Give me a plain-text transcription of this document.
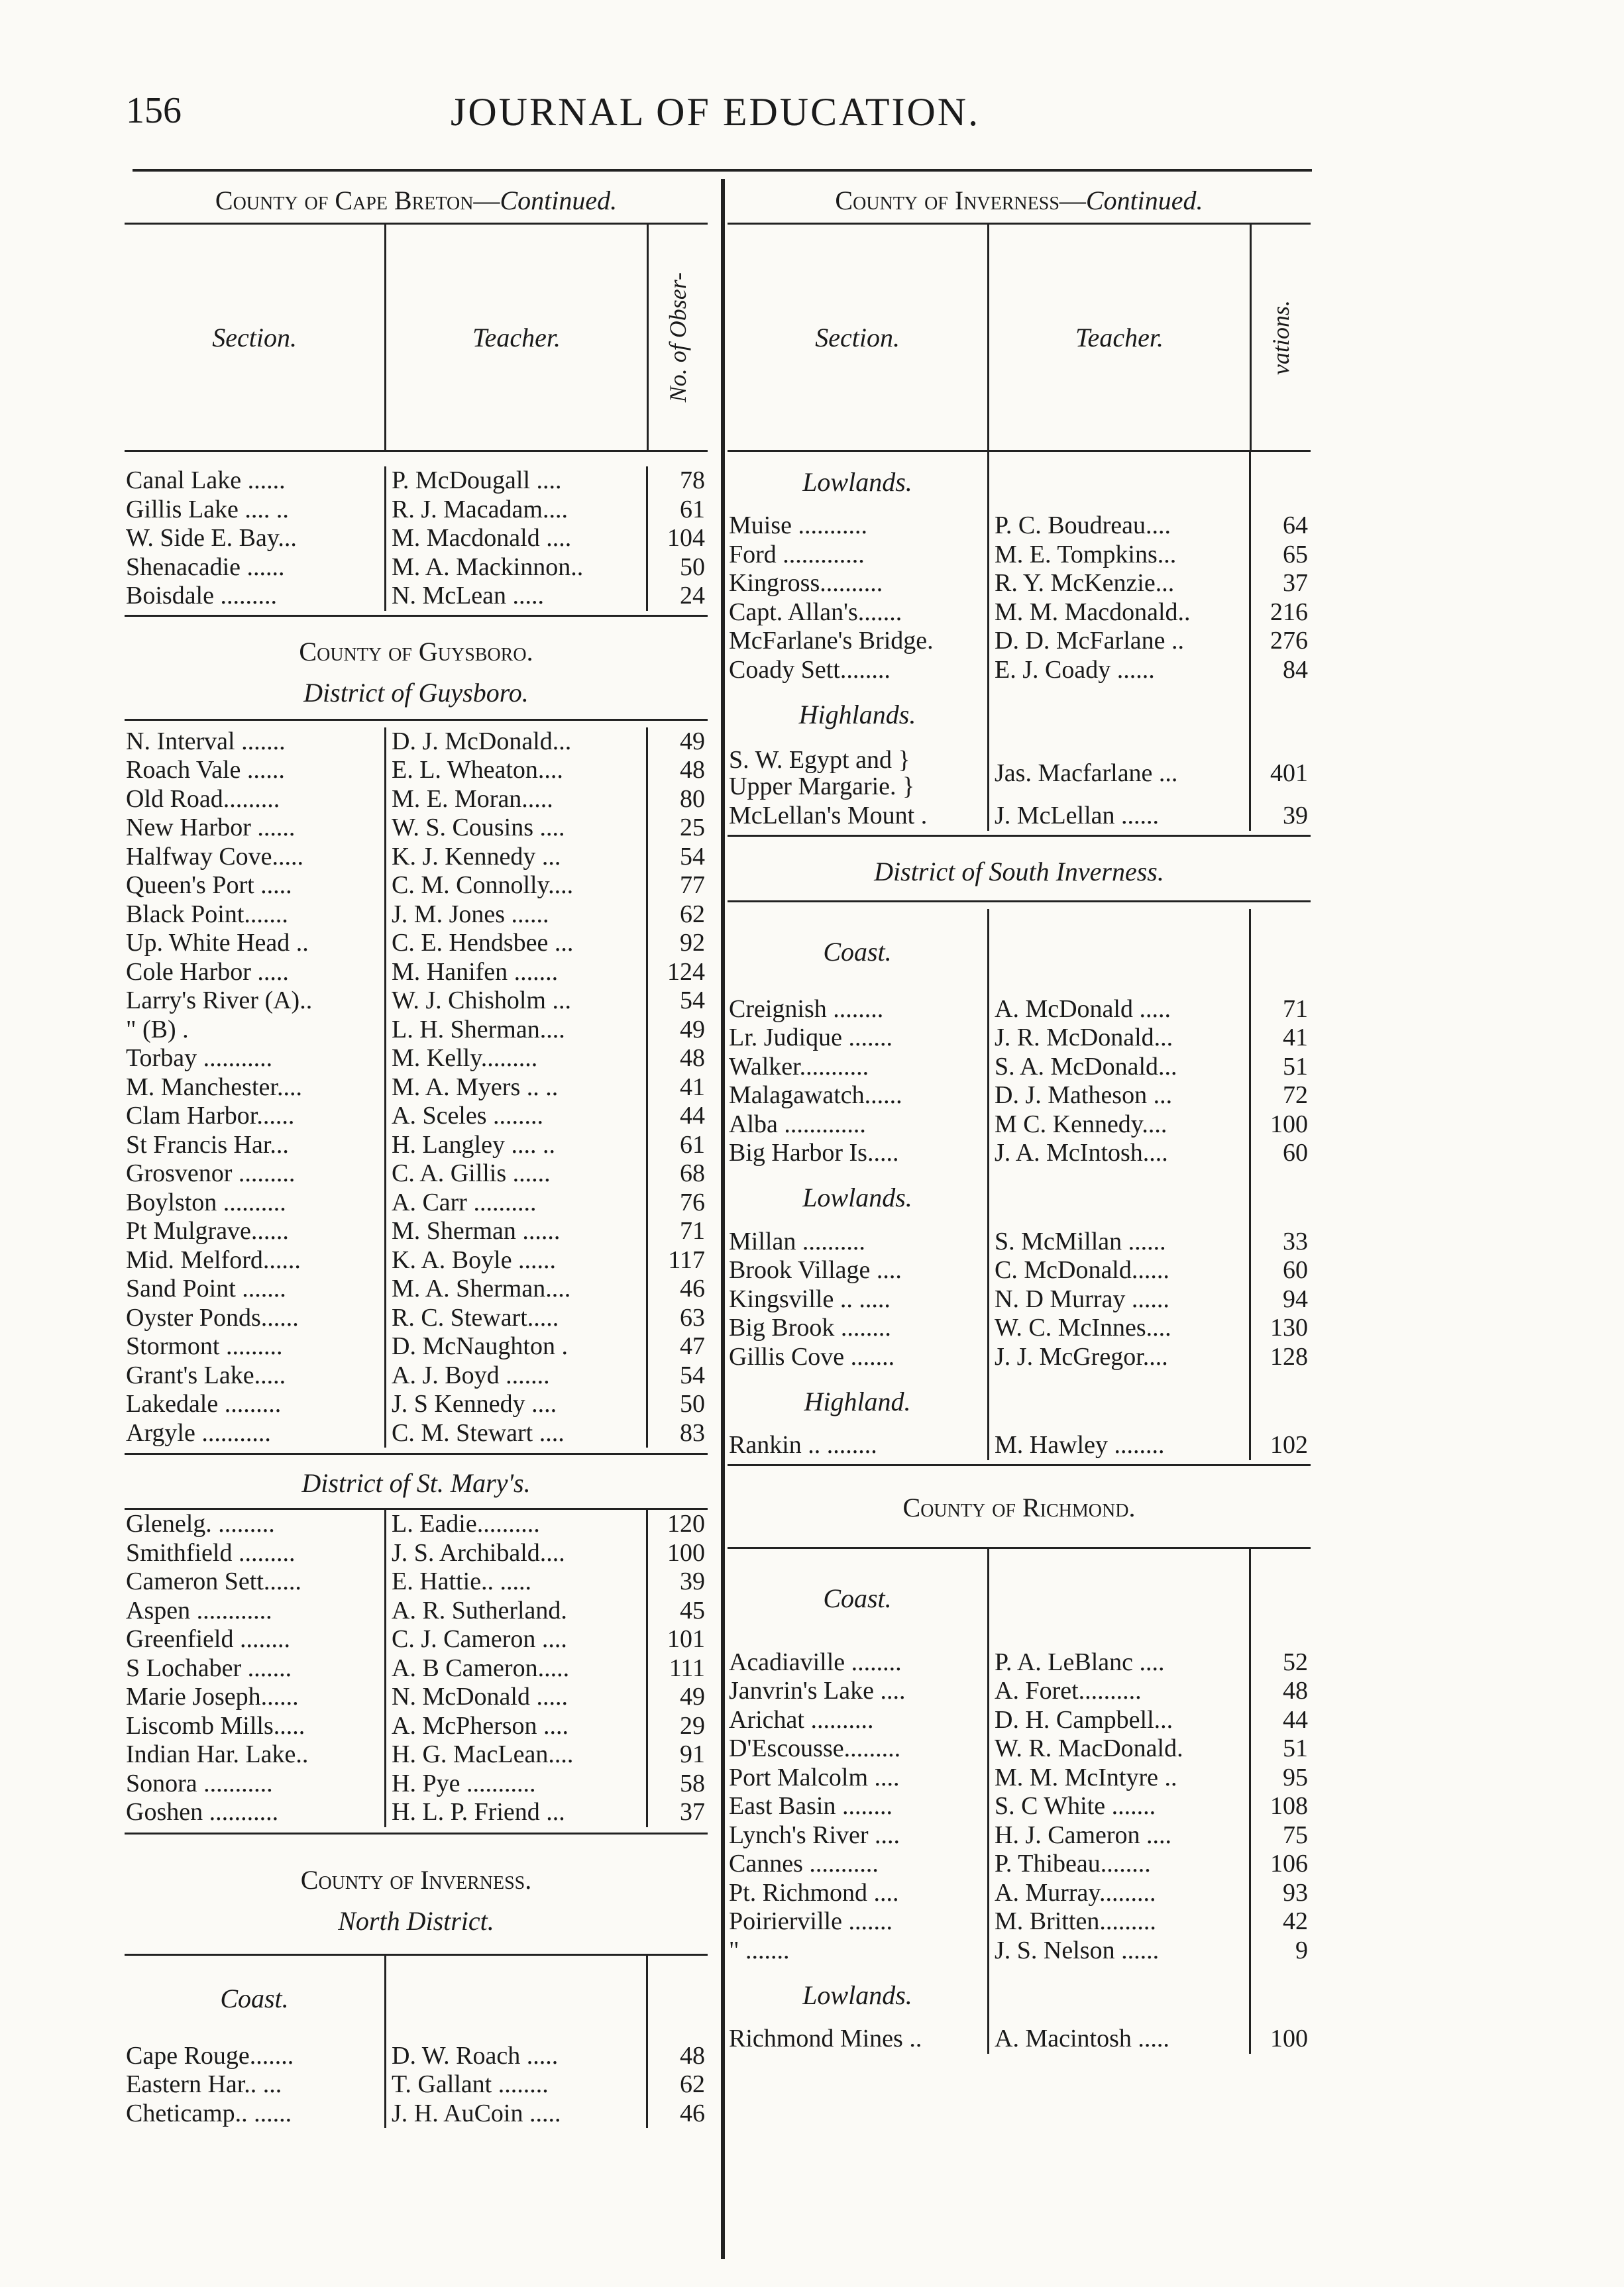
156	JOURNAL OF EDUCATION.
County of Cape Breton—Continued.
Section.	Teacher.	No. of Obser-
Canal Lake ......	P. McDougall ....	78
Gillis Lake .... ..	R. J. Macadam....	61
W. Side E. Bay...	M. Macdonald ....	104
Shenacadie ......	M. A. Mackinnon..	50
Boisdale .........	N. McLean .....	24
County of Guysboro.
District of Guysboro.
N. Interval .......	D. J. McDonald...	49
Roach Vale ......	E. L. Wheaton....	48
Old Road.........	M. E. Moran.....	80
New Harbor ......	W. S. Cousins ....	25
Halfway Cove.....	K. J. Kennedy ...	54
Queen's Port .....	C. M. Connolly....	77
Black Point.......	J. M. Jones ......	62
Up. White Head ..	C. E. Hendsbee ...	92
Cole Harbor .....	M. Hanifen .......	124
Larry's River (A)..	W. J. Chisholm ...	54
" (B) .	L. H. Sherman....	49
Torbay ...........	M. Kelly.........	48
M. Manchester....	M. A. Myers .. ..	41
Clam Harbor......	A. Sceles ........	44
St Francis Har...	H. Langley .... ..	61
Grosvenor .........	C. A. Gillis ......	68
Boylston ..........	A. Carr ..........	76
Pt Mulgrave......	M. Sherman ......	71
Mid. Melford......	K. A. Boyle ......	117
Sand Point .......	M. A. Sherman....	46
Oyster Ponds......	R. C. Stewart.....	63
Stormont .........	D. McNaughton .	47
Grant's Lake.....	A. J. Boyd .......	54
Lakedale .........	J. S Kennedy ....	50
Argyle ...........	C. M. Stewart ....	83
District of St. Mary's.
Glenelg. .........	L. Eadie..........	120
Smithfield .........	J. S. Archibald....	100
Cameron Sett......	E. Hattie.. .....	39
Aspen ............	A. R. Sutherland.	45
Greenfield ........	C. J. Cameron ....	101
S Lochaber .......	A. B Cameron.....	111
Marie Joseph......	N. McDonald .....	49
Liscomb Mills.....	A. McPherson ....	29
Indian Har. Lake..	H. G. MacLean....	91
Sonora ...........	H. Pye ...........	58
Goshen ...........	H. L. P. Friend ...	37
County of Inverness.
North District.
Coast.
Cape Rouge.......	D. W. Roach .....	48
Eastern Har.. ...	T. Gallant ........	62
Cheticamp.. ......	J. H. AuCoin .....	46
County of Inverness—Continued.
Section.	Teacher.	vations.
Lowlands.
Muise ...........	P. C. Boudreau....	64
Ford .............	M. E. Tompkins...	65
Kingross..........	R. Y. McKenzie...	37
Capt. Allan's.......	M. M. Macdonald..	216
McFarlane's Bridge.	D. D. McFarlane ..	276
Coady Sett........	E. J. Coady ......	84
Highlands.
S. W. Egypt and }
Upper Margarie. }	Jas. Macfarlane ...	401
McLellan's Mount .	J. McLellan ......	39
District of South Inverness.
Coast.
Creignish ........	A. McDonald .....	71
Lr. Judique .......	J. R. McDonald...	41
Walker...........	S. A. McDonald...	51
Malagawatch......	D. J. Matheson ...	72
Alba .............	M C. Kennedy....	100
Big Harbor Is.....	J. A. McIntosh....	60
Lowlands.
Millan ..........	S. McMillan ......	33
Brook Village ....	C. McDonald......	60
Kingsville .. .....	N. D Murray ......	94
Big Brook ........	W. C. McInnes....	130
Gillis Cove .......	J. J. McGregor....	128
Highland.
Rankin .. ........	M. Hawley ........	102
County of Richmond.
Coast.
Acadiaville ........	P. A. LeBlanc ....	52
Janvrin's Lake ....	A. Foret..........	48
Arichat ..........	D. H. Campbell...	44
D'Escousse.........	W. R. MacDonald.	51
Port Malcolm ....	M. M. McIntyre ..	95
East Basin ........	S. C White .......	108
Lynch's River ....	H. J. Cameron ....	75
Cannes ...........	P. Thibeau........	106
Pt. Richmond ....	A. Murray.........	93
Poirierville .......	M. Britten.........	42
" .......	J. S. Nelson ......	9
Lowlands.
Richmond Mines ..	A. Macintosh .....	100
